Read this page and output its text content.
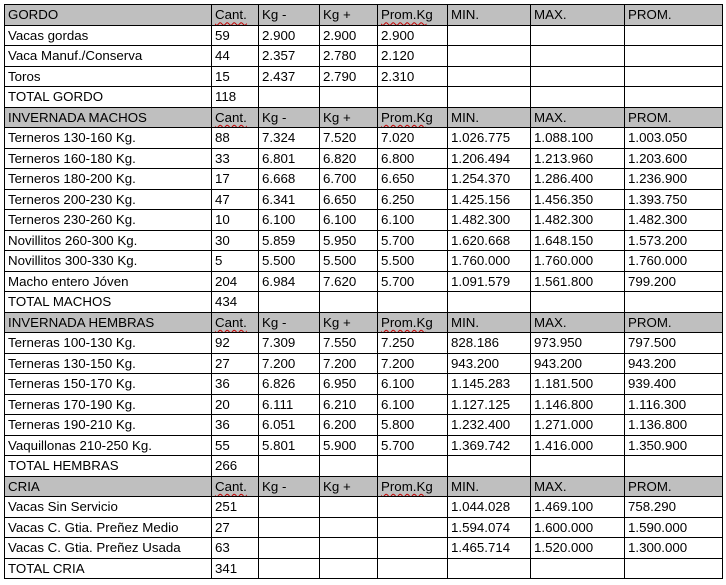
GORDO	Cant.	Kg -	Kg +	Prom.Kg	MIN.	MAX.	PROM.
Vacas gordas	59	2.900	2.900	2.900			
Vaca Manuf./Conserva	44	2.357	2.780	2.120			
Toros	15	2.437	2.790	2.310			
TOTAL GORDO	118						
INVERNADA MACHOS	Cant.	Kg -	Kg +	Prom.Kg	MIN.	MAX.	PROM.
Terneros 130-160 Kg.	88	7.324	7.520	7.020	1.026.775	1.088.100	1.003.050
Terneros 160-180 Kg.	33	6.801	6.820	6.800	1.206.494	1.213.960	1.203.600
Terneros 180-200 Kg.	17	6.668	6.700	6.650	1.254.370	1.286.400	1.236.900
Terneros 200-230 Kg.	47	6.341	6.650	6.250	1.425.156	1.456.350	1.393.750
Terneros 230-260 Kg.	10	6.100	6.100	6.100	1.482.300	1.482.300	1.482.300
Novillitos 260-300 Kg.	30	5.859	5.950	5.700	1.620.668	1.648.150	1.573.200
Novillitos 300-330 Kg.	5	5.500	5.500	5.500	1.760.000	1.760.000	1.760.000
Macho entero Jóven	204	6.984	7.620	5.700	1.091.579	1.561.800	799.200
TOTAL MACHOS	434						
INVERNADA HEMBRAS	Cant.	Kg -	Kg +	Prom.Kg	MIN.	MAX.	PROM.
Terneras 100-130 Kg.	92	7.309	7.550	7.250	828.186	973.950	797.500
Terneras 130-150 Kg.	27	7.200	7.200	7.200	943.200	943.200	943.200
Terneras 150-170 Kg.	36	6.826	6.950	6.100	1.145.283	1.181.500	939.400
Terneras 170-190 Kg.	20	6.111	6.210	6.100	1.127.125	1.146.800	1.116.300
Terneras 190-210 Kg.	36	6.051	6.200	5.800	1.232.400	1.271.000	1.136.800
Vaquillonas 210-250 Kg.	55	5.801	5.900	5.700	1.369.742	1.416.000	1.350.900
TOTAL HEMBRAS	266						
CRIA	Cant.	Kg -	Kg +	Prom.Kg	MIN.	MAX.	PROM.
Vacas Sin Servicio	251				1.044.028	1.469.100	758.290
Vacas C. Gtia. Preñez Medio	27				1.594.074	1.600.000	1.590.000
Vacas C. Gtia. Preñez Usada	63				1.465.714	1.520.000	1.300.000
TOTAL CRIA	341						
